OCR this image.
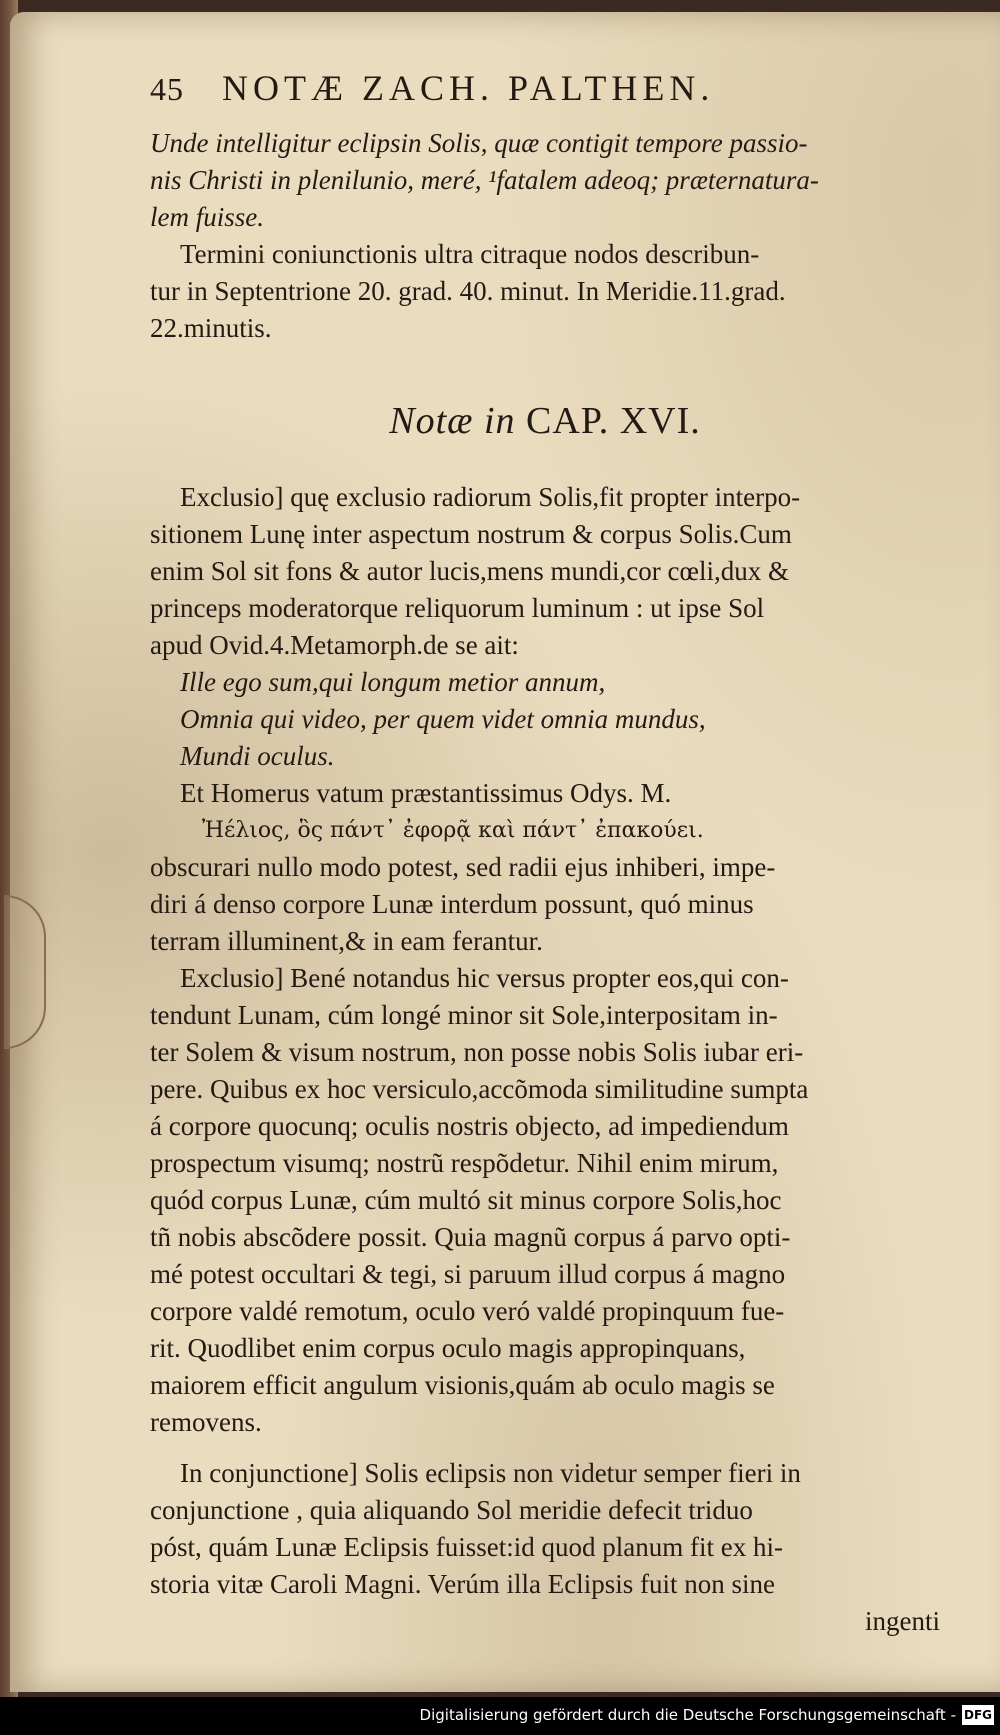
45 NOTÆ ZACH. PALTHEN.
Unde intelligitur eclipsin Solis, quæ contigit tempore passio-
nis Christi in plenilunio, meré, ¹fatalem adeoq; præternatura-
lem fuisse.
Termini coniunctionis ultra citraque nodos describun-
tur in Septentrione 20. grad. 40. minut. In Meridie.11.grad.
22.minutis.
Notæ in CAP. XVI.
Exclusio] quę exclusio radiorum Solis,fit propter interpo-
sitionem Lunę inter aspectum nostrum & corpus Solis.Cum
enim Sol sit fons & autor lucis,mens mundi,cor cœli,dux &
princeps moderatorque reliquorum luminum : ut ipse Sol
apud Ovid.4.Metamorph.de se ait:
Ille ego sum,qui longum metior annum,
Omnia qui video, per quem videt omnia mundus,
Mundi oculus.
Et Homerus vatum præstantissimus Odys. M.
Ἠέλιος, ὃς πάντ᾽ ἐφορᾷ καὶ πάντ᾽ ἐπακούει.
obscurari nullo modo potest, sed radii ejus inhiberi, impe-
diri á denso corpore Lunæ interdum possunt, quó minus
terram illuminent,& in eam ferantur.
Exclusio] Bené notandus hic versus propter eos,qui con-
tendunt Lunam, cúm longé minor sit Sole,interpositam in-
ter Solem & visum nostrum, non posse nobis Solis iubar eri-
pere. Quibus ex hoc versiculo,accõmoda similitudine sumpta
á corpore quocunq; oculis nostris objecto, ad impediendum
prospectum visumq; nostrũ respõdetur. Nihil enim mirum,
quód corpus Lunæ, cúm multó sit minus corpore Solis,hoc
tñ nobis abscõdere possit. Quia magnũ corpus á parvo opti-
mé potest occultari & tegi, si paruum illud corpus á magno
corpore valdé remotum, oculo veró valdé propinquum fue-
rit. Quodlibet enim corpus oculo magis appropinquans,
maiorem efficit angulum visionis,quám ab oculo magis se
removens.
In conjunctione] Solis eclipsis non videtur semper fieri in
conjunctione , quia aliquando Sol meridie defecit triduo
póst, quám Lunæ Eclipsis fuisset:id quod planum fit ex hi-
storia vitæ Caroli Magni. Verúm illa Eclipsis fuit non sine
ingenti
Digitalisierung gefördert durch die Deutsche Forschungsgemeinschaft - DFG
